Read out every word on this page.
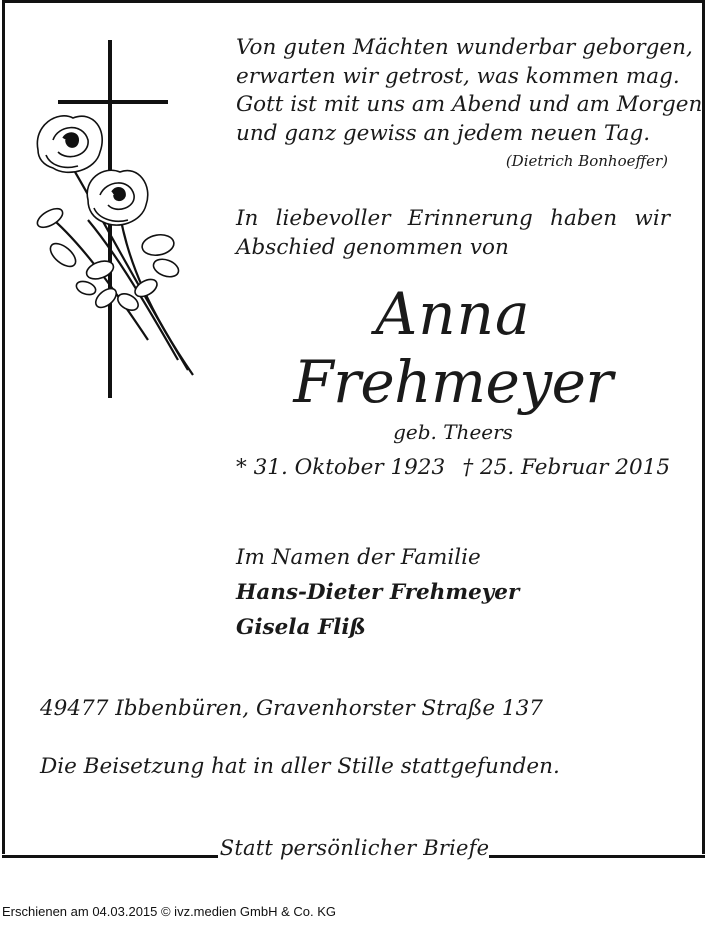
Von guten Mächten wunderbar geborgen,
erwarten wir getrost, was kommen mag.
Gott ist mit uns am Abend und am Morgen
und ganz gewiss an jedem neuen Tag.
(Dietrich Bonhoeffer)
In liebevoller Erinnerung haben wir
Abschied genommen von
Anna
Frehmeyer
geb. Theers
* 31. Oktober 1923 † 25. Februar 2015
Im Namen der Familie
Hans-Dieter Frehmeyer
Gisela Fliß
49477 Ibbenbüren, Gravenhorster Straße 137
Die Beisetzung hat in aller Stille stattgefunden.
Statt persönlicher Briefe
Erschienen am 04.03.2015 © ivz.medien GmbH & Co. KG
